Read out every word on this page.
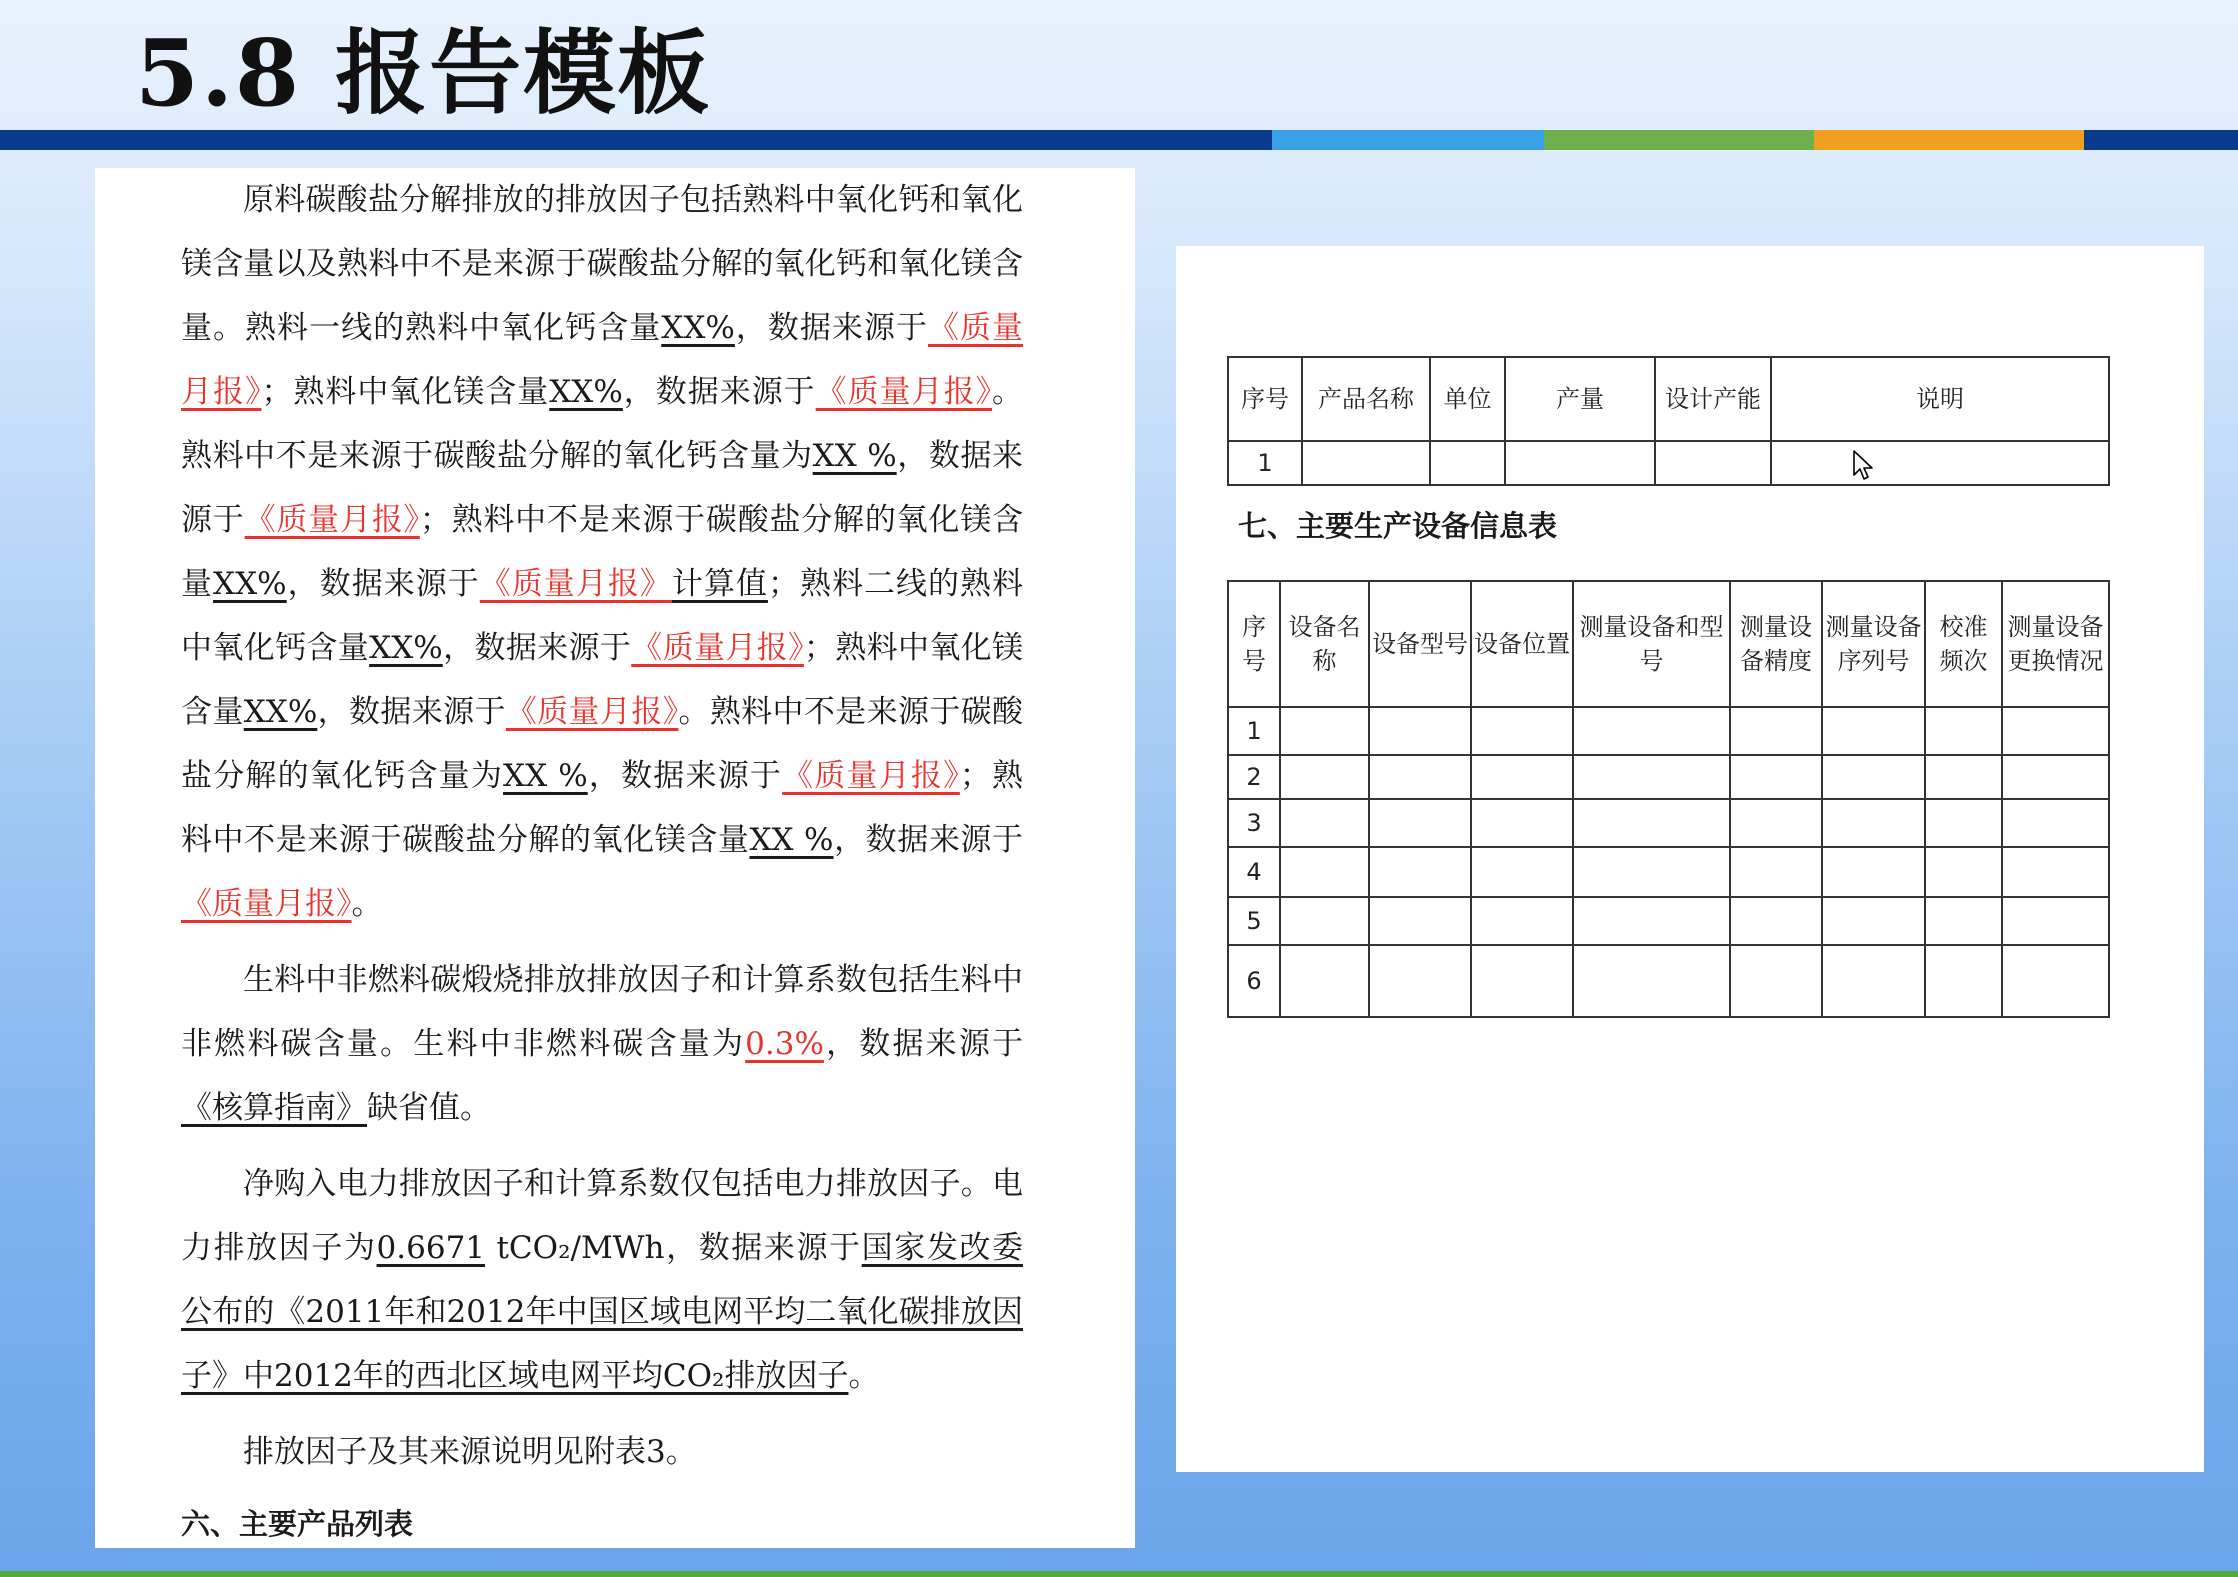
5.8 报告模板

原料碳酸盐分解排放的排放因子包括熟料中氧化钙和氧化镁含量以及熟料中不是来源于碳酸盐分解的氧化钙和氧化镁含量。熟料一线的熟料中氧化钙含量XX%，数据来源于《质量月报》；熟料中氧化镁含量XX%，数据来源于《质量月报》。熟料中不是来源于碳酸盐分解的氧化钙含量为XX %，数据来源于《质量月报》；熟料中不是来源于碳酸盐分解的氧化镁含量XX%，数据来源于《质量月报》计算值；熟料二线的熟料中氧化钙含量XX%，数据来源于《质量月报》；熟料中氧化镁含量XX%，数据来源于《质量月报》。熟料中不是来源于碳酸盐分解的氧化钙含量为XX %，数据来源于《质量月报》；熟料中不是来源于碳酸盐分解的氧化镁含量XX %，数据来源于《质量月报》。

生料中非燃料碳煅烧排放排放因子和计算系数包括生料中非燃料碳含量。生料中非燃料碳含量为0.3%，数据来源于《核算指南》缺省值。

净购入电力排放因子和计算系数仅包括电力排放因子。电力排放因子为0.6671 tCO₂/MWh，数据来源于国家发改委公布的《2011年和2012年中国区域电网平均二氧化碳排放因子》中2012年的西北区域电网平均CO₂排放因子。

排放因子及其来源说明见附表3。

六、主要产品列表

序号	产品名称	单位	产量	设计产能	说明
1					

七、主要生产设备信息表

序号	设备名称	设备型号	设备位置	测量设备和型号	测量设备精度	测量设备序列号	校准频次	测量设备更换情况
1								
2								
3								
4								
5								
6								
